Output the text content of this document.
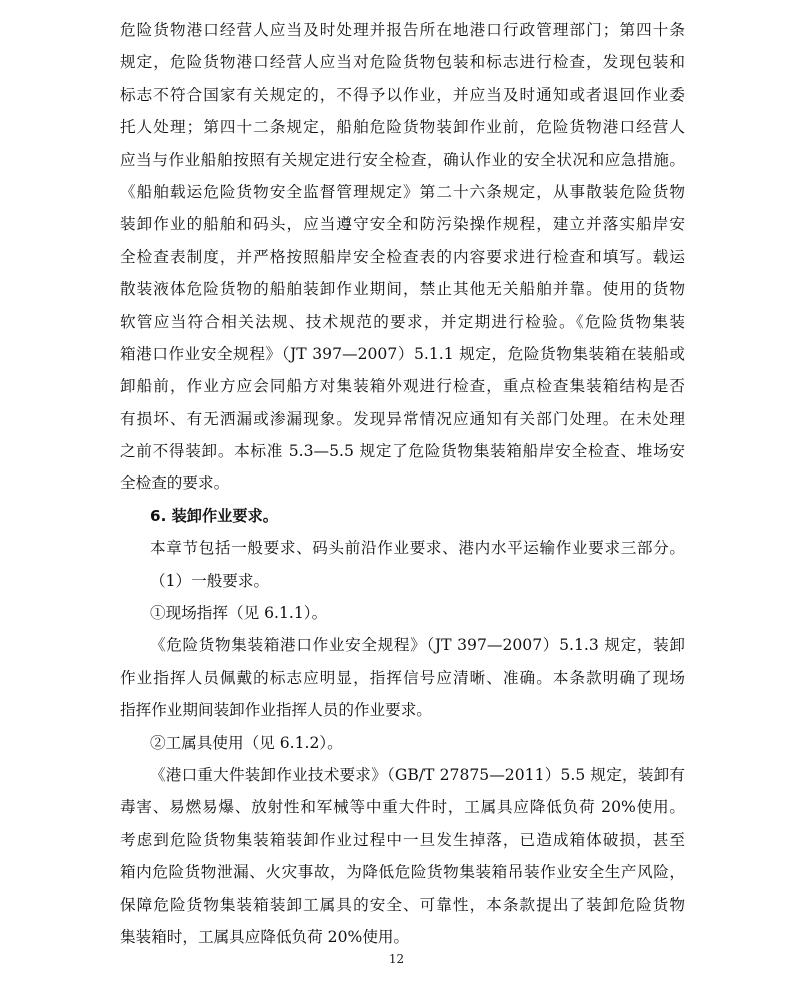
危险货物港口经营人应当及时处理并报告所在地港口行政管理部门；第四十条
规定，危险货物港口经营人应当对危险货物包装和标志进行检查，发现包装和
标志不符合国家有关规定的，不得予以作业，并应当及时通知或者退回作业委
托人处理；第四十二条规定，船舶危险货物装卸作业前，危险货物港口经营人
应当与作业船舶按照有关规定进行安全检查，确认作业的安全状况和应急措施。
《船舶载运危险货物安全监督管理规定》第二十六条规定，从事散装危险货物
装卸作业的船舶和码头，应当遵守安全和防污染操作规程，建立并落实船岸安
全检查表制度，并严格按照船岸安全检查表的内容要求进行检查和填写。载运
散装液体危险货物的船舶装卸作业期间，禁止其他无关船舶并靠。使用的货物
软管应当符合相关法规、技术规范的要求，并定期进行检验。《危险货物集装
箱港口作业安全规程》（JT 397—2007）5.1.1 规定，危险货物集装箱在装船或
卸船前，作业方应会同船方对集装箱外观进行检查，重点检查集装箱结构是否
有损坏、有无洒漏或渗漏现象。发现异常情况应通知有关部门处理。在未处理
之前不得装卸。本标准 5.3—5.5 规定了危险货物集装箱船岸安全检查、堆场安
全检查的要求。
6. 装卸作业要求。
本章节包括一般要求、码头前沿作业要求、港内水平运输作业要求三部分。
（1）一般要求。
①现场指挥（见 6.1.1）。
《危险货物集装箱港口作业安全规程》（JT 397—2007）5.1.3 规定，装卸
作业指挥人员佩戴的标志应明显，指挥信号应清晰、准确。本条款明确了现场
指挥作业期间装卸作业指挥人员的作业要求。
②工属具使用（见 6.1.2）。
《港口重大件装卸作业技术要求》（GB/T 27875—2011）5.5 规定，装卸有
毒害、易燃易爆、放射性和军械等中重大件时，工属具应降低负荷 20%使用。
考虑到危险货物集装箱装卸作业过程中一旦发生掉落，已造成箱体破损，甚至
箱内危险货物泄漏、火灾事故，为降低危险货物集装箱吊装作业安全生产风险，
保障危险货物集装箱装卸工属具的安全、可靠性，本条款提出了装卸危险货物
集装箱时，工属具应降低负荷 20%使用。
12
